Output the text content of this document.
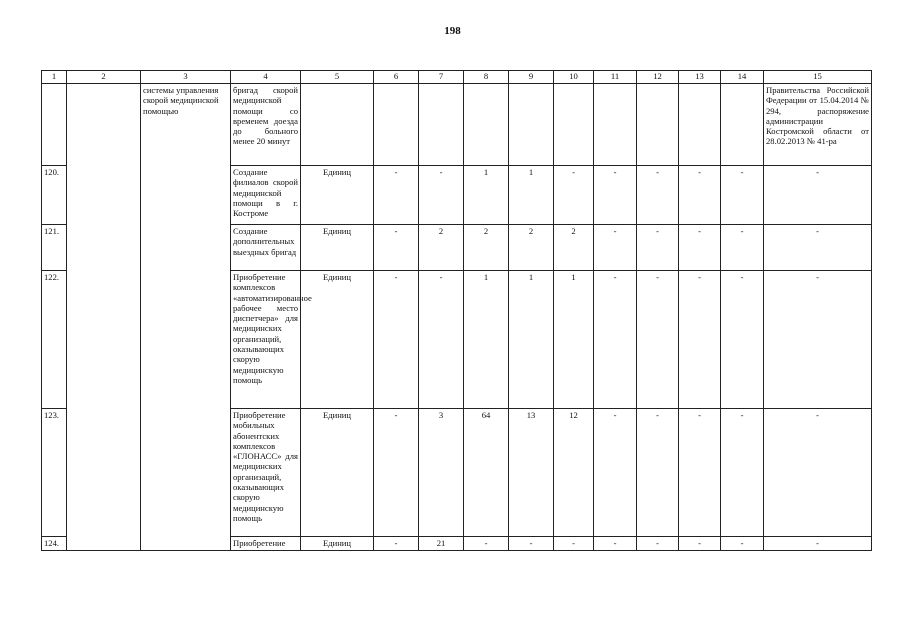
198
1	2	3	4	5	6	7	8	9	10	11	12	13	14	15
		системы управления скорой медицинской помощью	бригад скорой медицинской помощи со временем доезда до больного менее 20 минут											Правительства Российской Федерации от 15.04.2014 № 294, распоряжение администрации Костромской области от 28.02.2013 № 41-ра
120.			Создание филиалов скорой медицинской помощи в г. Костроме	Единиц	-	-	1	1	-	-	-	-	-	-
121.			Создание дополнительных выездных бригад	Единиц	-	2	2	2	2	-	-	-	-	-
122.			Приобретение комплексов «автоматизированное рабочее место диспетчера» для медицинских организаций, оказывающих скорую медицинскую помощь	Единиц	-	-	1	1	1	-	-	-	-	-
123.			Приобретение мобильных абонентских комплексов «ГЛОНАСС» для медицинских организаций, оказывающих скорую медицинскую помощь	Единиц	-	3	64	13	12	-	-	-	-	-
124.			Приобретение	Единиц	-	21	-	-	-	-	-	-	-	-
